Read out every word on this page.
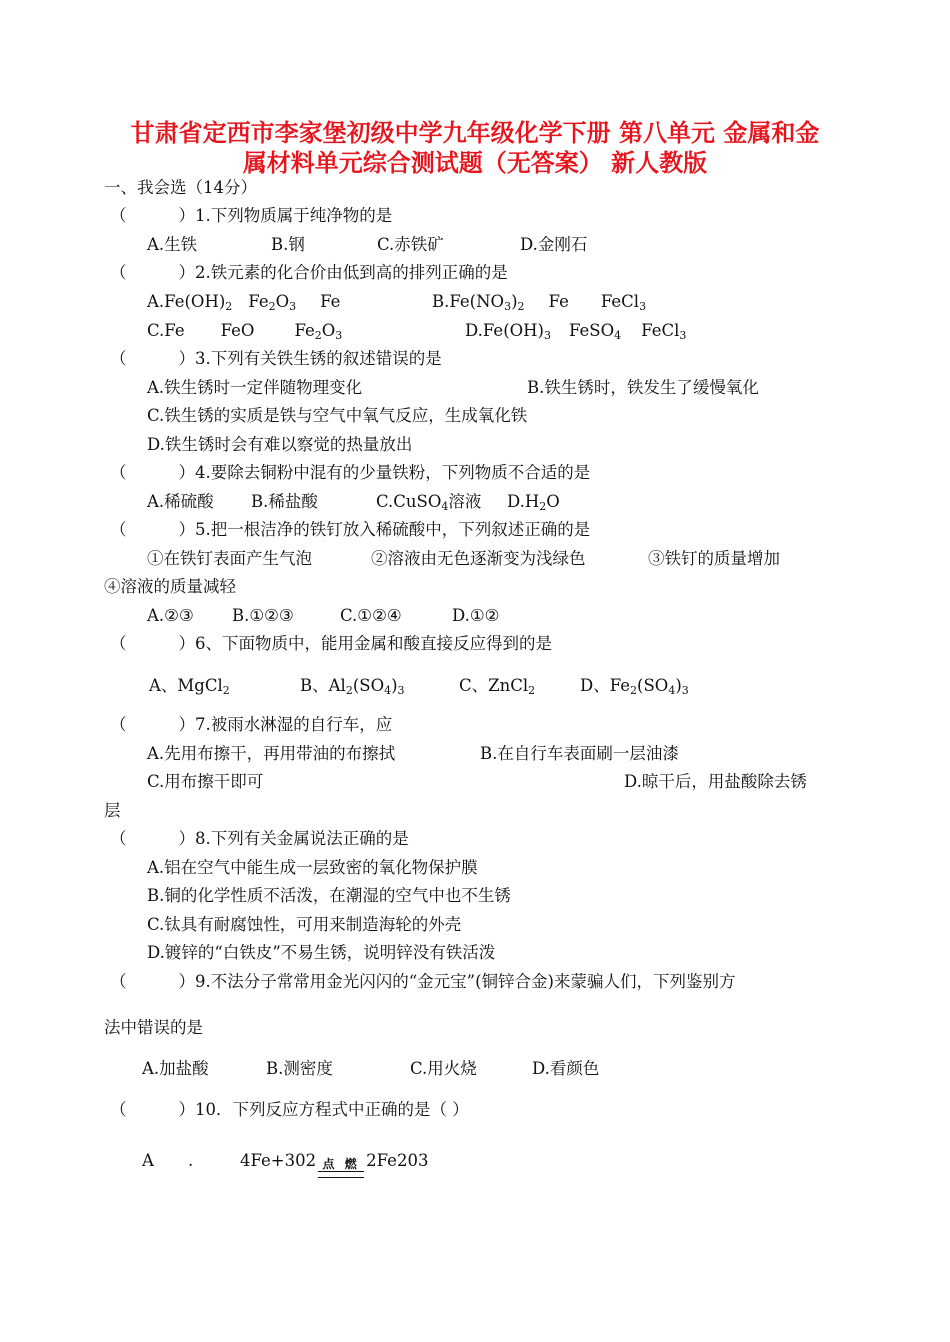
甘肃省定西市李家堡初级中学九年级化学下册 第八单元 金属和金
属材料单元综合测试题（无答案） 新人教版
一、我会选（14分）
（	）1.下列物质属于纯净物的是
A.生铁	B.钢	C.赤铁矿	D.金刚石
（	）2.铁元素的化合价由低到高的排列正确的是
$A.Fe(OH)_2$ $Fe_2O_3$ Fe	$B.Fe(NO_3)_2$ Fe FeCl$_3$
C.Fe FeO $Fe_2O_3$	$D.Fe(OH)_3$ FeSO$_4$ FeCl$_3$
（	）3.下列有关铁生锈的叙述错误的是
A.铁生锈时一定伴随物理变化	B.铁生锈时，铁发生了缓慢氧化
C.铁生锈的实质是铁与空气中氧气反应，生成氧化铁
D.铁生锈时会有难以察觉的热量放出
（	）4.要除去铜粉中混有的少量铁粉，下列物质不合适的是
A.稀硫酸 B.稀盐酸	C.CuSO$_4$溶液 $D.H_2O$
（	）5.把一根洁净的铁钉放入稀硫酸中，下列叙述正确的是
①在铁钉表面产生气泡	②溶液由无色逐渐变为浅绿色	③铁钉的质量增加
④溶液的质量减轻
A.②③ B.①②③	C.①②④	D.①②
（	）6、下面物质中，能用金属和酸直接反应得到的是
A、MgCl$_2$	B、$Al_2(SO_4)_3$	C、ZnCl$_2$	D、$Fe_2(SO_4)_3$
（	）7.被雨水淋湿的自行车，应
A.先用布擦干，再用带油的布擦拭	B.在自行车表面刷一层油漆
C.用布擦干即可	D.晾干后，用盐酸除去锈
层
（	）8.下列有关金属说法正确的是
A.铝在空气中能生成一层致密的氧化物保护膜
B.铜的化学性质不活泼，在潮湿的空气中也不生锈
C.钛具有耐腐蚀性，可用来制造海轮的外壳
D.镀锌的“白铁皮”不易生锈，说明锌没有铁活泼
（	）9.不法分子常常用金光闪闪的“金元宝”(铜锌合金)来蒙骗人们，下列鉴别方
法中错误的是
A.加盐酸	B.测密度	C.用火烧	D.看颜色
（	）10．下列反应方程式中正确的是（ ）
A .	4Fe+302 点 燃 2Fe203
